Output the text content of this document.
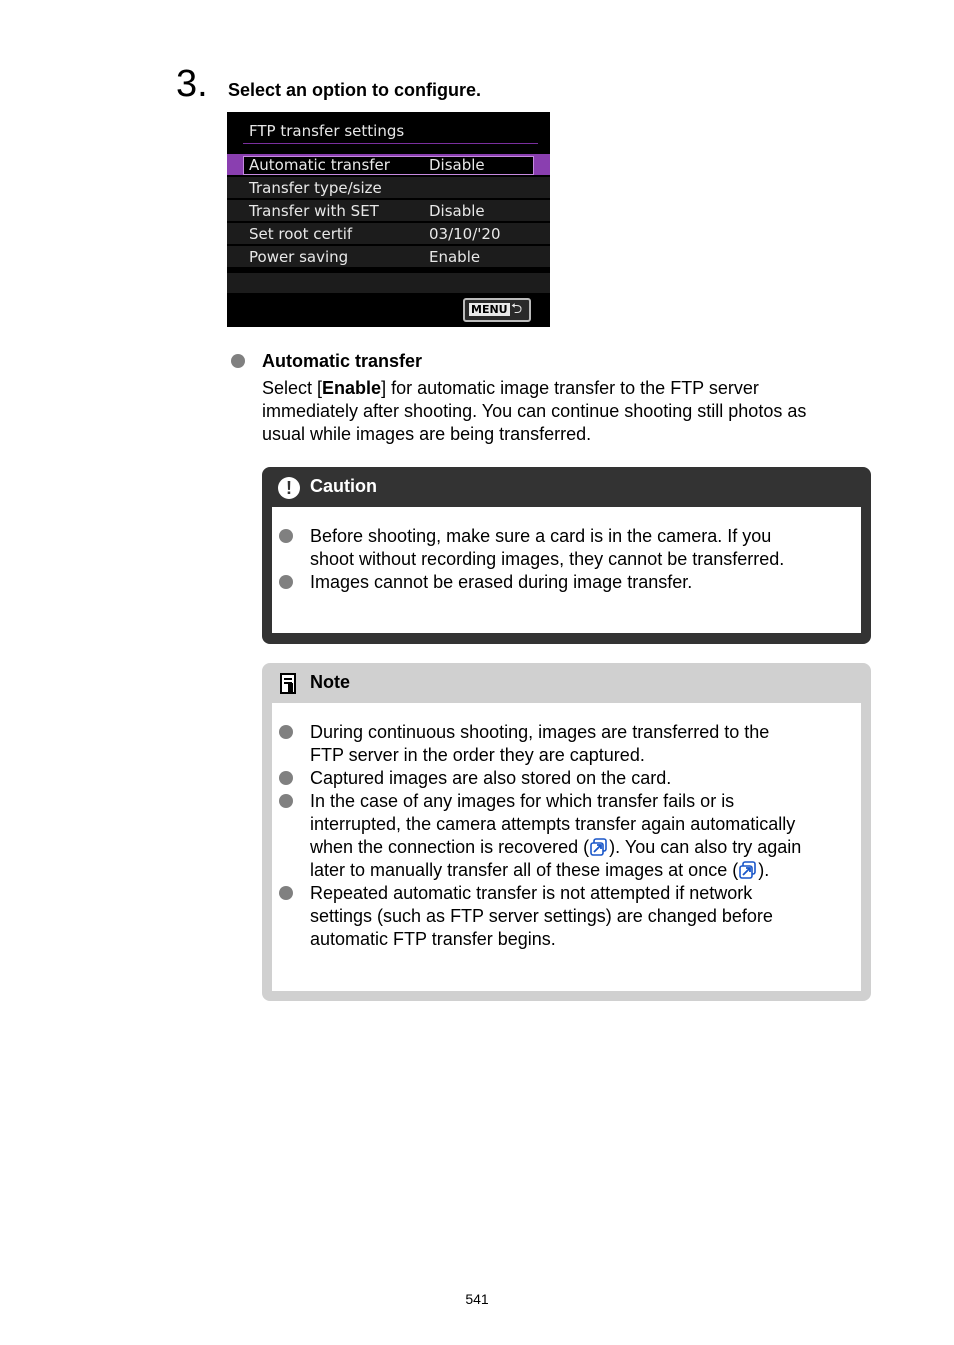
3. Select an option to configure.
FTP transfer settings
Automatic transfer	Disable
Transfer type/size
Transfer with SET	Disable
Set root certif	03/10/'20
Power saving	Enable
MENU ⮌
Automatic transfer
Select [Enable] for automatic image transfer to the FTP server
immediately after shooting. You can continue shooting still photos as
usual while images are being transferred.
!	Caution
Before shooting, make sure a card is in the camera. If you
shoot without recording images, they cannot be transferred.
Images cannot be erased during image transfer.
Note
During continuous shooting, images are transferred to the
FTP server in the order they are captured.
Captured images are also stored on the card.
In the case of any images for which transfer fails or is
interrupted, the camera attempts transfer again automatically
when the connection is recovered ( ). You can also try again
later to manually transfer all of these images at once ( ).
Repeated automatic transfer is not attempted if network
settings (such as FTP server settings) are changed before
automatic FTP transfer begins.
541
